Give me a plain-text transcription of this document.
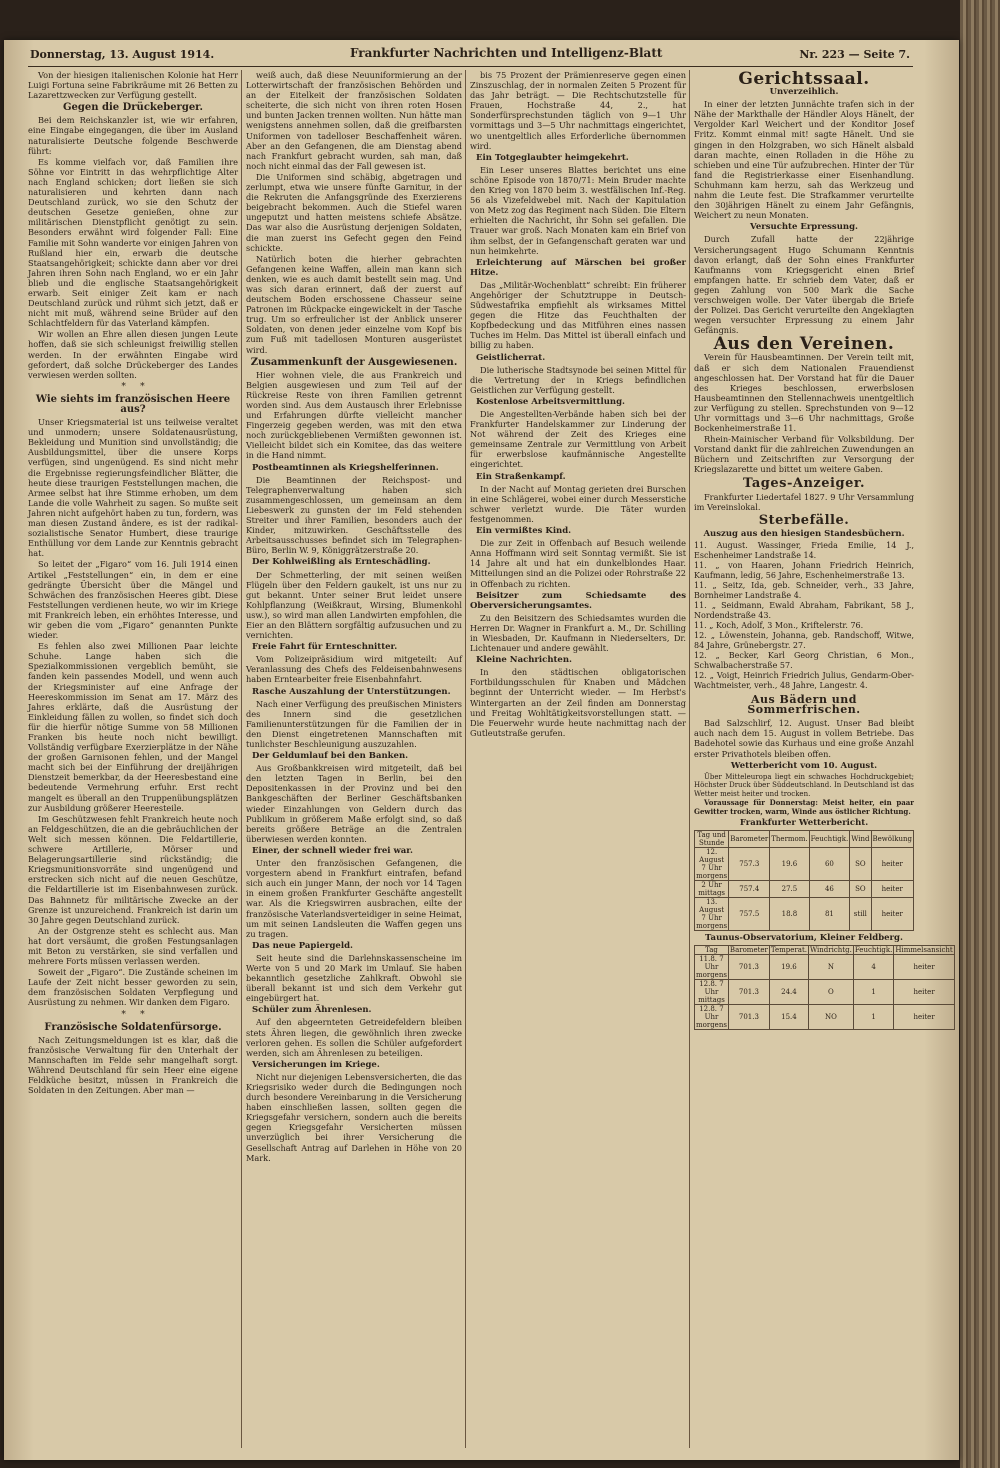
Donnerstag, 13. August 1914.	Frankfurter Nachrichten und Intelligenz-Blatt	Nr. 223 — Seite 7.

Von der hiesigen italienischen Kolonie hat Herr Luigi Fortuna seine Fabrikräume mit 26 Betten zu Lazarettzwecken zur Verfügung gestellt.

Gegen die Drückeberger.

Bei dem Reichskanzler ist, wie wir erfahren, eine Eingabe eingegangen, die über im Ausland naturalisierte Deutsche folgende Beschwerde führt:

Es komme vielfach vor, daß Familien ihre Söhne vor Eintritt in das wehrpflichtige Alter nach England schicken; dort ließen sie sich naturalisieren und kehrten dann nach Deutschland zurück, wo sie den Schutz der deutschen Gesetze genießen, ohne zur militärischen Dienstpflicht genötigt zu sein. Besonders erwähnt wird folgender Fall: Eine Familie mit Sohn wanderte vor einigen Jahren von Rußland hier ein, erwarb die deutsche Staatsangehörigkeit; schickte dann aber vor drei Jahren ihren Sohn nach England, wo er ein Jahr blieb und die englische Staatsangehörigkeit erwarb. Seit einiger Zeit kam er nach Deutschland zurück und rühmt sich jetzt, daß er nicht mit muß, während seine Brüder auf den Schlachtfeldern für das Vaterland kämpfen.

Wir wollen an Ehre allen diesen jungen Leute hoffen, daß sie sich schleunigst freiwillig stellen werden. In der erwähnten Eingabe wird gefordert, daß solche Drückeberger des Landes verwiesen werden sollten.

*     *
Wie siehts im französischen Heere aus?

Unser Kriegsmaterial ist uns teilweise veraltet und unmodern; unsere Soldatenausrüstung, Bekleidung und Munition sind unvollständig; die Ausbildungsmittel, über die unsere Korps verfügen, sind ungenügend. Es sind nicht mehr die Ergebnisse regierungsfeindlicher Blätter, die heute diese traurigen Feststellungen machen, die Armee selbst hat ihre Stimme erhoben, um dem Lande die volle Wahrheit zu sagen. So mußte seit Jahren nicht aufgehört haben zu tun, fordern, was man diesen Zustand ändere, es ist der radikal-sozialistische Senator Humbert, diese traurige Enthüllung vor dem Lande zur Kenntnis gebracht hat.

So leitet der „Figaro“ vom 16. Juli 1914 einen Artikel „Feststellungen“ ein, in dem er eine gedrängte Übersicht über die Mängel und Schwächen des französischen Heeres gibt. Diese Feststellungen verdienen heute, wo wir im Kriege mit Frankreich leben, ein erhöhtes Interesse, und wir geben die vom „Figaro“ genannten Punkte wieder.

Es fehlen also zwei Millionen Paar leichte Schuhe. Lange haben sich die Spezialkommissionen vergeblich bemüht, sie fanden kein passendes Modell, und wenn auch der Kriegsminister auf eine Anfrage der Heereskommission im Senat am 17. März des Jahres erklärte, daß die Ausrüstung der Einkleidung fällen zu wollen, so findet sich doch für die hierfür nötige Summe von 58 Millionen Franken bis heute noch nicht bewilligt. Vollständig verfügbare Exerzierplätze in der Nähe der großen Garnisonen fehlen, und der Mangel macht sich bei der Einführung der dreijährigen Dienstzeit bemerkbar, da der Heeresbestand eine bedeutende Vermehrung erfuhr. Erst recht mangelt es überall an den Truppenübungsplätzen zur Ausbildung größerer Heeresteile.

Im Geschützwesen fehlt Frankreich heute noch an Feldgeschützen, die an die gebräuchlichen der Welt sich messen können. Die Feldartillerie, schwere Artillerie, Mörser und Belagerungsartillerie sind rückständig; die Kriegsmunitionsvorräte sind ungenügend und erstrecken sich nicht auf die neuen Geschütze, die Feldartillerie ist im Eisenbahnwesen zurück. Das Bahnnetz für militärische Zwecke an der Grenze ist unzureichend. Frankreich ist darin um 30 Jahre gegen Deutschland zurück.

An der Ostgrenze steht es schlecht aus. Man hat dort versäumt, die großen Festungsanlagen mit Beton zu verstärken, sie sind verfallen und mehrere Forts müssen verlassen werden.

Soweit der „Figaro“. Die Zustände scheinen im Laufe der Zeit nicht besser geworden zu sein, dem französischen Soldaten Verpflegung und Ausrüstung zu nehmen. Wir danken dem Figaro.

*     *
Französische Soldatenfürsorge.

Nach Zeitungsmeldungen ist es klar, daß die französische Verwaltung für den Unterhalt der Mannschaften im Felde sehr mangelhaft sorgt. Während Deutschland für sein Heer eine eigene Feldküche besitzt, müssen in Frankreich die Soldaten in den Zeitungen. Aber man —

weiß auch, daß diese Neuuniformierung an der Lotterwirtschaft der französischen Behörden und an der Eitelkeit der französischen Soldaten scheiterte, die sich nicht von ihren roten Hosen und bunten Jacken trennen wollten. Nun hätte man wenigstens annehmen sollen, daß die greifbarsten Uniformen von tadelloser Beschaffenheit wären. Aber an den Gefangenen, die am Dienstag abend nach Frankfurt gebracht wurden, sah man, daß noch nicht einmal das der Fall gewesen ist.

Die Uniformen sind schäbig, abgetragen und zerlumpt, etwa wie unsere fünfte Garnitur, in der die Rekruten die Anfangsgründe des Exerzierens beigebracht bekommen. Auch die Stiefel waren ungeputzt und hatten meistens schiefe Absätze. Das war also die Ausrüstung derjenigen Soldaten, die man zuerst ins Gefecht gegen den Feind schickte.

Natürlich boten die hierher gebrachten Gefangenen keine Waffen, allein man kann sich denken, wie es auch damit bestellt sein mag. Und was sich daran erinnert, daß der zuerst auf deutschem Boden erschossene Chasseur seine Patronen im Rückpacke eingewickelt in der Tasche trug. Um so erfreulicher ist der Anblick unserer Soldaten, von denen jeder einzelne vom Kopf bis zum Fuß mit tadellosen Monturen ausgerüstet wird.

Zusammenkunft der Ausgewiesenen.

Hier wohnen viele, die aus Frankreich und Belgien ausgewiesen und zum Teil auf der Rückreise Reste von ihren Familien getrennt worden sind. Aus dem Austausch ihrer Erlebnisse und Erfahrungen dürfte vielleicht mancher Fingerzeig gegeben werden, was mit den etwa noch zurückgebliebenen Vermißten gewonnen ist. Vielleicht bildet sich ein Komitee, das das weitere in die Hand nimmt.

Postbeamtinnen als Kriegshelferinnen.

Die Beamtinnen der Reichspost- und Telegraphenverwaltung haben sich zusammengeschlossen, um gemeinsam an dem Liebeswerk zu gunsten der im Feld stehenden Streiter und ihrer Familien, besonders auch der Kinder, mitzuwirken. Geschäftsstelle des Arbeitsausschusses befindet sich im Telegraphen-Büro, Berlin W. 9, Königgrätzerstraße 20.

Der Kohlweißling als Ernteschädling.

Der Schmetterling, der mit seinen weißen Flügeln über den Feldern gaukelt, ist uns nur zu gut bekannt. Unter seiner Brut leidet unsere Kohlpflanzung (Weißkraut, Wirsing, Blumenkohl usw.), so wird man allen Landwirten empfohlen, die Eier an den Blättern sorgfältig aufzusuchen und zu vernichten.

Freie Fahrt für Ernteschnitter.

Vom Polizeipräsidium wird mitgeteilt: Auf Veranlassung des Chefs des Feldeisenbahnwesens haben Erntearbeiter freie Eisenbahnfahrt.

Rasche Auszahlung der Unterstützungen.

Nach einer Verfügung des preußischen Ministers des Innern sind die gesetzlichen Familienunterstützungen für die Familien der in den Dienst eingetretenen Mannschaften mit tunlichster Beschleunigung auszuzahlen.

Der Geldumlauf bei den Banken.

Aus Großbankkreisen wird mitgeteilt, daß bei den letzten Tagen in Berlin, bei den Depositenkassen in der Provinz und bei den Bankgeschäften der Berliner Geschäftsbanken wieder Einzahlungen von Geldern durch das Publikum in größerem Maße erfolgt sind, so daß bereits größere Beträge an die Zentralen überwiesen werden konnten.

Einer, der schnell wieder frei war.

Unter den französischen Gefangenen, die vorgestern abend in Frankfurt eintrafen, befand sich auch ein junger Mann, der noch vor 14 Tagen in einem großen Frankfurter Geschäfte angestellt war. Als die Kriegswirren ausbrachen, eilte der französische Vaterlandsverteidiger in seine Heimat, um mit seinen Landsleuten die Waffen gegen uns zu tragen.

Das neue Papiergeld.

Seit heute sind die Darlehnskassenscheine im Werte von 5 und 20 Mark im Umlauf. Sie haben bekanntlich gesetzliche Zahlkraft. Obwohl sie überall bekannt ist und sich dem Verkehr gut eingebürgert hat.

Schüler zum Ährenlesen.

Auf den abgeernteten Getreidefeldern bleiben stets Ähren liegen, die gewöhnlich ihren zwecke verloren gehen. Es sollen die Schüler aufgefordert werden, sich am Ährenlesen zu beteiligen.

Versicherungen im Kriege.

Nicht nur diejenigen Lebensversicherten, die das Kriegsrisiko weder durch die Bedingungen noch durch besondere Vereinbarung in die Versicherung haben einschließen lassen, sollten gegen die Kriegsgefahr versichern, sondern auch die bereits gegen Kriegsgefahr Versicherten müssen unverzüglich bei ihrer Versicherung die Gesellschaft Antrag auf Darlehen in Höhe von 20 Mark.

bis 75 Prozent der Prämienreserve gegen einen Zinszuschlag, der in normalen Zeiten 5 Prozent für das Jahr beträgt. — Die Rechtschutzstelle für Frauen, Hochstraße 44, 2., hat Sonderfürsprechstunden täglich von 9—1 Uhr vormittags und 3—5 Uhr nachmittags eingerichtet, wo unentgeltlich alles Erforderliche übernommen wird.

Ein Totgeglaubter heimgekehrt.

Ein Leser unseres Blattes berichtet uns eine schöne Episode von 1870/71: Mein Bruder machte den Krieg von 1870 beim 3. westfälischen Inf.-Reg. 56 als Vizefeldwebel mit. Nach der Kapitulation von Metz zog das Regiment nach Süden. Die Eltern erhielten die Nachricht, ihr Sohn sei gefallen. Die Trauer war groß. Nach Monaten kam ein Brief von ihm selbst, der in Gefangenschaft geraten war und nun heimkehrte.

Erleichterung auf Märschen bei großer Hitze.

Das „Militär-Wochenblatt“ schreibt: Ein früherer Angehöriger der Schutztruppe in Deutsch-Südwestafrika empfiehlt als wirksames Mittel gegen die Hitze das Feuchthalten der Kopfbedeckung und das Mitführen eines nassen Tuches im Helm. Das Mittel ist überall einfach und billig zu haben.

Geistlicherrat.

Die lutherische Stadtsynode bei seinen Mittel für die Vertretung der in Kriegs befindlichen Geistlichen zur Verfügung gestellt.

Kostenlose Arbeitsvermittlung.

Die Angestellten-Verbände haben sich bei der Frankfurter Handelskammer zur Linderung der Not während der Zeit des Krieges eine gemeinsame Zentrale zur Vermittlung von Arbeit für erwerbslose kaufmännische Angestellte eingerichtet.

Ein Straßenkampf.

In der Nacht auf Montag gerieten drei Burschen in eine Schlägerei, wobei einer durch Messerstiche schwer verletzt wurde. Die Täter wurden festgenommen.

Ein vermißtes Kind.

Die zur Zeit in Offenbach auf Besuch weilende Anna Hoffmann wird seit Sonntag vermißt. Sie ist 14 Jahre alt und hat ein dunkelblondes Haar. Mitteilungen sind an die Polizei oder Rohrstraße 22 in Offenbach zu richten.

Beisitzer zum Schiedsamte des Oberversicherungsamtes.

Zu den Beisitzern des Schiedsamtes wurden die Herren Dr. Wagner in Frankfurt a. M., Dr. Schilling in Wiesbaden, Dr. Kaufmann in Niederselters, Dr. Lichtenauer und andere gewählt.

Kleine Nachrichten.

In den städtischen obligatorischen Fortbildungsschulen für Knaben und Mädchen beginnt der Unterricht wieder. — Im Herbst's Wintergarten an der Zeil finden am Donnerstag und Freitag Wohltätigkeitsvorstellungen statt. — Die Feuerwehr wurde heute nachmittag nach der Gutleutstraße gerufen.

Gerichtssaal.
Unverzeihlich.

In einer der letzten Junnächte trafen sich in der Nähe der Markthalle der Händler Aloys Hänelt, der Vergolder Karl Weichert und der Konditor Josef Fritz. Kommt einmal mit! sagte Hänelt. Und sie gingen in den Holzgraben, wo sich Hänelt alsbald daran machte, einen Rolladen in die Höhe zu schieben und eine Tür aufzubrechen. Hinter der Tür fand die Registrierkasse einer Eisenhandlung. Schuhmann kam herzu, sah das Werkzeug und nahm die Leute fest. Die Strafkammer verurteilte den 30jährigen Hänelt zu einem Jahr Gefängnis, Weichert zu neun Monaten.

Versuchte Erpressung.

Durch Zufall hatte der 22jährige Versicherungsagent Hugo Schumann Kenntnis davon erlangt, daß der Sohn eines Frankfurter Kaufmanns vom Kriegsgericht einen Brief empfangen hatte. Er schrieb dem Vater, daß er gegen Zahlung von 500 Mark die Sache verschweigen wolle. Der Vater übergab die Briefe der Polizei. Das Gericht verurteilte den Angeklagten wegen versuchter Erpressung zu einem Jahr Gefängnis.

Aus den Vereinen.

Verein für Hausbeamtinnen. Der Verein teilt mit, daß er sich dem Nationalen Frauendienst angeschlossen hat. Der Vorstand hat für die Dauer des Krieges beschlossen, erwerbslosen Hausbeamtinnen den Stellennachweis unentgeltlich zur Verfügung zu stellen. Sprechstunden von 9—12 Uhr vormittags und 3—6 Uhr nachmittags, Große Bockenheimerstraße 11.

Rhein-Mainischer Verband für Volksbildung. Der Vorstand dankt für die zahlreichen Zuwendungen an Büchern und Zeitschriften zur Versorgung der Kriegslazarette und bittet um weitere Gaben.

Tages-Anzeiger.

Frankfurter Liedertafel 1827. 9 Uhr Versammlung im Vereinslokal.

Sterbefälle.
Auszug aus den hiesigen Standesbüchern.
11. August. Wassinger, Frieda Emilie, 14 J., Eschenheimer Landstraße 14.
11. „ von Haaren, Johann Friedrich Heinrich, Kaufmann, ledig, 56 Jahre, Eschenheimerstraße 13.
11. „ Seitz, Ida, geb. Schneider, verh., 33 Jahre, Bornheimer Landstraße 4.
11. „ Seidmann, Ewald Abraham, Fabrikant, 58 J., Nordendstraße 43.
11. „ Koch, Adolf, 3 Mon., Kriftelerstr. 76.
12. „ Löwenstein, Johanna, geb. Randschoff, Witwe, 84 Jahre, Grünebergstr. 27.
12. „ Becker, Karl Georg Christian, 6 Mon., Schwalbacherstraße 57.
12. „ Voigt, Heinrich Friedrich Julius, Gendarm-Ober-Wachtmeister, verh., 48 Jahre, Langestr. 4.
Aus Bädern und Sommerfrischen.

Bad Salzschlirf, 12. August. Unser Bad bleibt auch nach dem 15. August in vollem Betriebe. Das Badehotel sowie das Kurhaus und eine große Anzahl erster Privathotels bleiben offen.

Wetterbericht vom 10. August.

Über Mitteleuropa liegt ein schwaches Hochdruckgebiet; Höchster Druck über Süddeutschland. In Deutschland ist das Wetter meist heiter und trocken.

Voraussage für Donnerstag: Meist heiter, ein paar Gewitter trocken, warm, Winde aus östlicher Richtung.

Frankfurter Wetterbericht.
Tag und Stunde	Barometer	Thermom.	Feuchtigk.	Wind	Bewölkung
12. August 7 Uhr morgens	757.3	19.6	60	SO	heiter
2 Uhr mittags	757.4	27.5	46	SO	heiter
13. August 7 Uhr morgens	757.5	18.8	81	still	heiter
Taunus-Observatorium, Kleiner Feldberg.
Tag	Barometer	Temperat.	Windrichtg.	Feuchtigk.	Himmelsansicht
11.8. 7 Uhr morgens	701.3	19.6	N	4	heiter
12.8. 7 Uhr mittags	701.3	24.4	O	1	heiter
12.8. 7 Uhr morgens	701.3	15.4	NO	1	heiter
